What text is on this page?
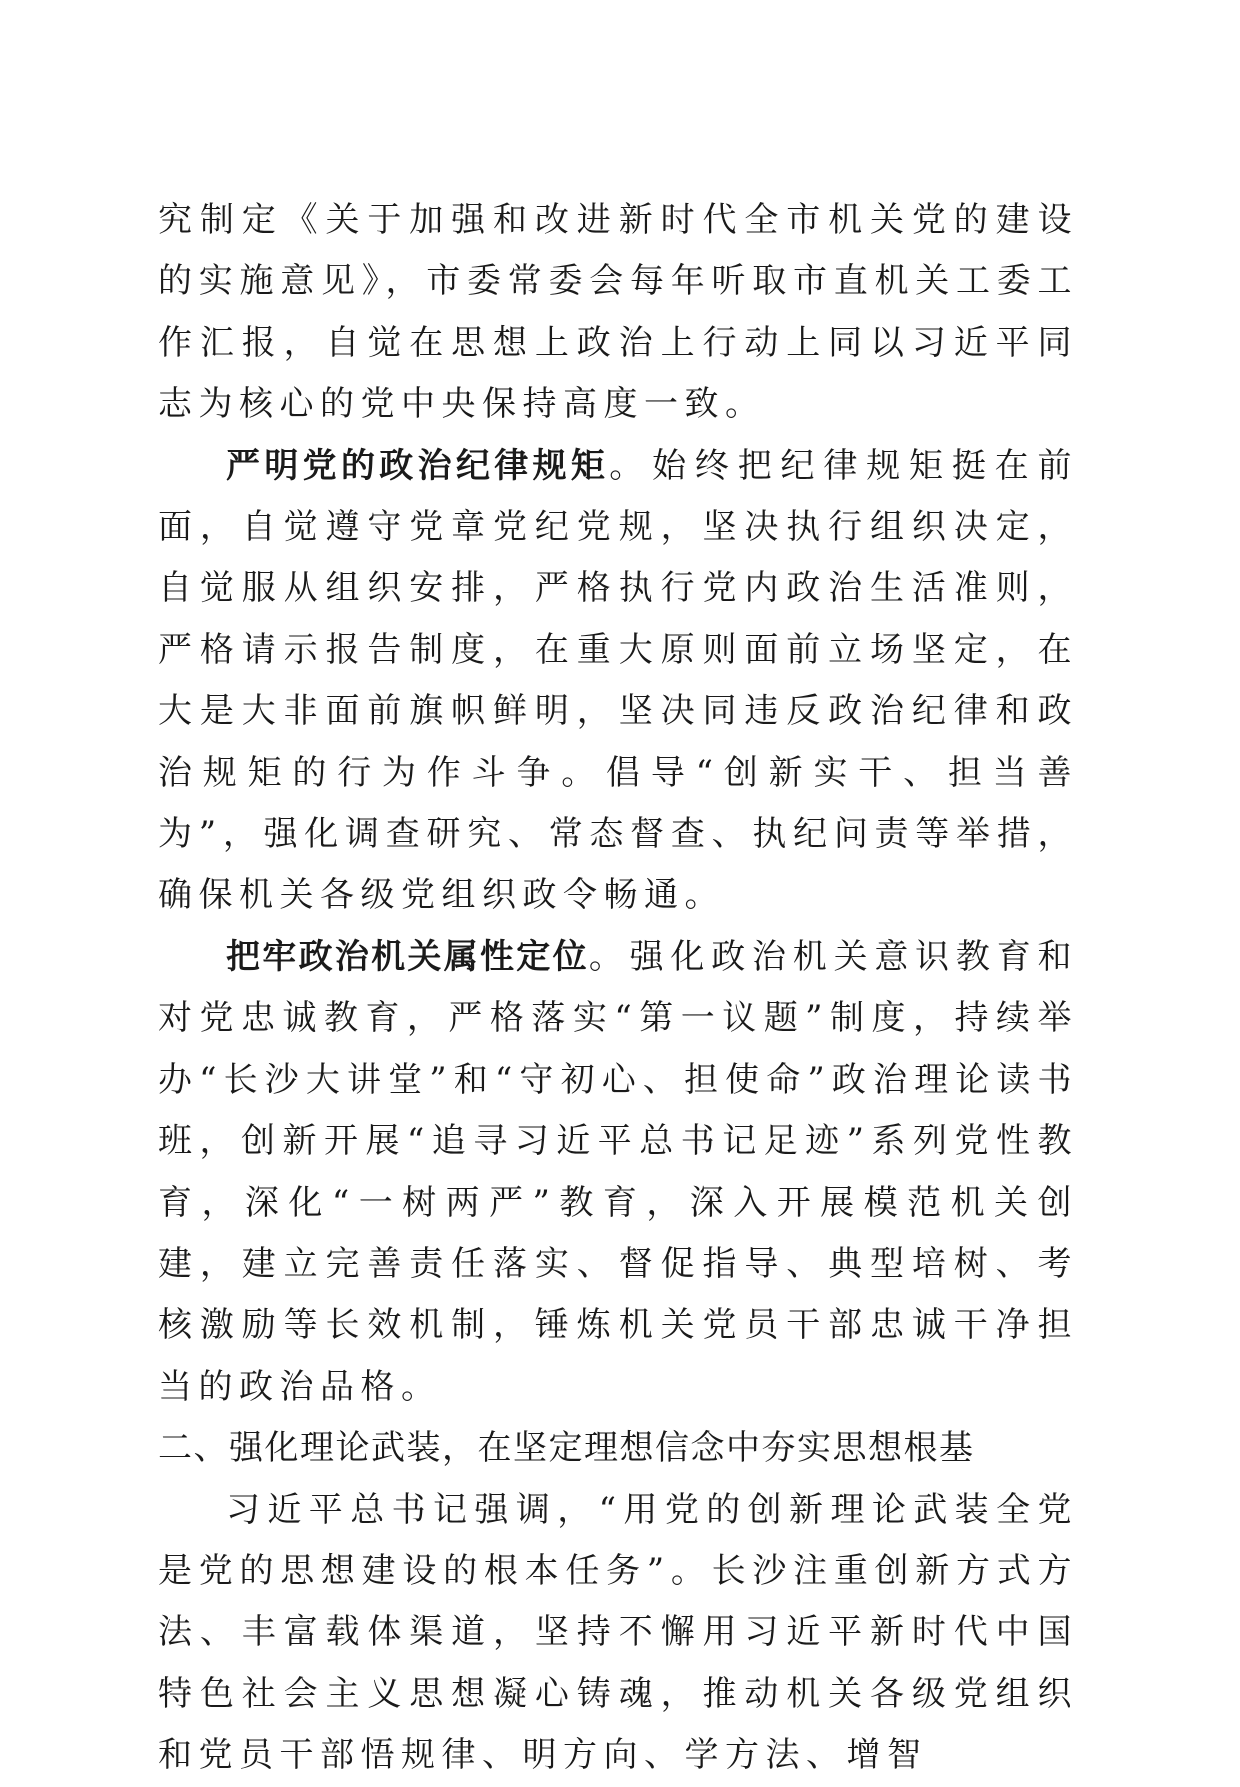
究制定《关于加强和改进新时代全市机关党的建设的实施意见》，市委常委会每年听取市直机关工委工作汇报，自觉在思想上政治上行动上同以习近平同志为核心的党中央保持高度一致。

严明党的政治纪律规矩。始终把纪律规矩挺在前面，自觉遵守党章党纪党规，坚决执行组织决定，自觉服从组织安排，严格执行党内政治生活准则，严格请示报告制度，在重大原则面前立场坚定，在大是大非面前旗帜鲜明，坚决同违反政治纪律和政治规矩的行为作斗争。倡导“创新实干、担当善为”，强化调查研究、常态督查、执纪问责等举措，确保机关各级党组织政令畅通。

把牢政治机关属性定位。强化政治机关意识教育和对党忠诚教育，严格落实“第一议题”制度，持续举办“长沙大讲堂”和“守初心、担使命”政治理论读书班，创新开展“追寻习近平总书记足迹”系列党性教育，深化“一树两严”教育，深入开展模范机关创建，建立完善责任落实、督促指导、典型培树、考核激励等长效机制，锤炼机关党员干部忠诚干净担当的政治品格。

二、强化理论武装，在坚定理想信念中夯实思想根基

习近平总书记强调，“用党的创新理论武装全党是党的思想建设的根本任务”。长沙注重创新方式方法、丰富载体渠道，坚持不懈用习近平新时代中国特色社会主义思想凝心铸魂，推动机关各级党组织和党员干部悟规律、明方向、学方法、增智
